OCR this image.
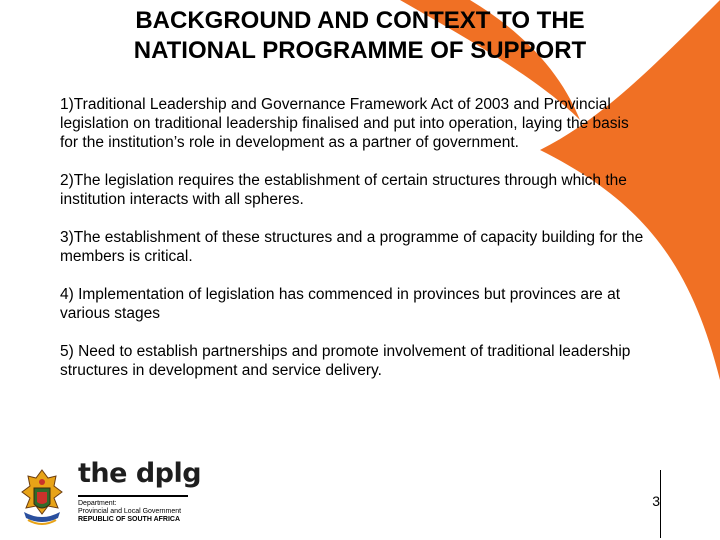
BACKGROUND AND CONTEXT TO THE
NATIONAL PROGRAMME OF SUPPORT
1)Traditional Leadership and Governance Framework Act of 2003 and Provincial legislation on traditional leadership finalised and put into operation, laying the basis for the institution’s role in development as a partner of government.
2)The legislation requires the establishment of certain structures through which the institution interacts with all spheres.
3)The establishment of these structures and a programme of capacity building for the members is critical.
4) Implementation of legislation has commenced in provinces but provinces are at various stages
5) Need to establish partnerships and promote involvement of traditional leadership structures in development and service delivery.
the dplg
Department:
Provincial and Local Government
REPUBLIC OF SOUTH AFRICA
3
